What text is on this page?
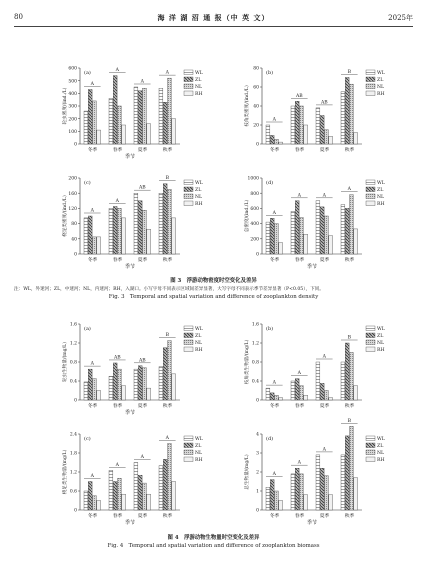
80	海 洋 湖 沼 通 报（中 英 文）	2025年
0
100
200
300
400
500
600
轮虫密度/(ind./L)
(a)
A
冬季
A
春季
A
夏季
A
秋季
季节
WL
ZL
NL
RH
0
20
40
60
80
枝角类密度/(ind./L)
(b)
A
冬季
AB
春季
AB
夏季
B
秋季
WL
ZL
NL
RH
0
40
80
120
160
200
桡足类密度/(ind./L)
(c)
A
冬季
A
春季
AB
夏季
B
秋季
季节
WL
ZL
NL
RH
0
200
400
600
800
1000
总密度/(ind./L)
(d)
A
冬季
A
春季
A
夏季
A
秋季
季节
WL
ZL
NL
RH
图 3　浮游动物密度时空变化及差异
注：WL，外迷河；ZL，中迷河；NL，内迷河；RH，入湖口。小写字母不同表示区域间差异显著，大写字母不同表示季节差异显著（P<0.05），下同。
Fig. 3　Temporal and spatial variation and difference of zooplankton density
0
0.4
0.8
1.2
1.6
轮虫生物量/(mg/L)
(a)
A
冬季
AB
春季
AB
夏季
B
秋季
季节
WL
ZL
NL
RH
0
0.4
0.8
1.2
1.6
枝角类生物量/(mg/L)
(b)
A
冬季
A
春季
A
夏季
B
秋季
WL
ZL
NL
RH
0
0.6
1.2
1.8
2.4
桡足类生物量/(mg/L)
(c)
A
冬季
A
春季
A
夏季
A
秋季
季节
WL
ZL
NL
RH
0
1
2
3
4
总生物量/(mg/L)
(d)
A
冬季
A
春季
A
夏季
B
秋季
季节
WL
ZL
NL
RH
图 4　浮游动物生物量时空变化及差异
Fig. 4　Temporal and spatial variation and difference of zooplankton biomass
